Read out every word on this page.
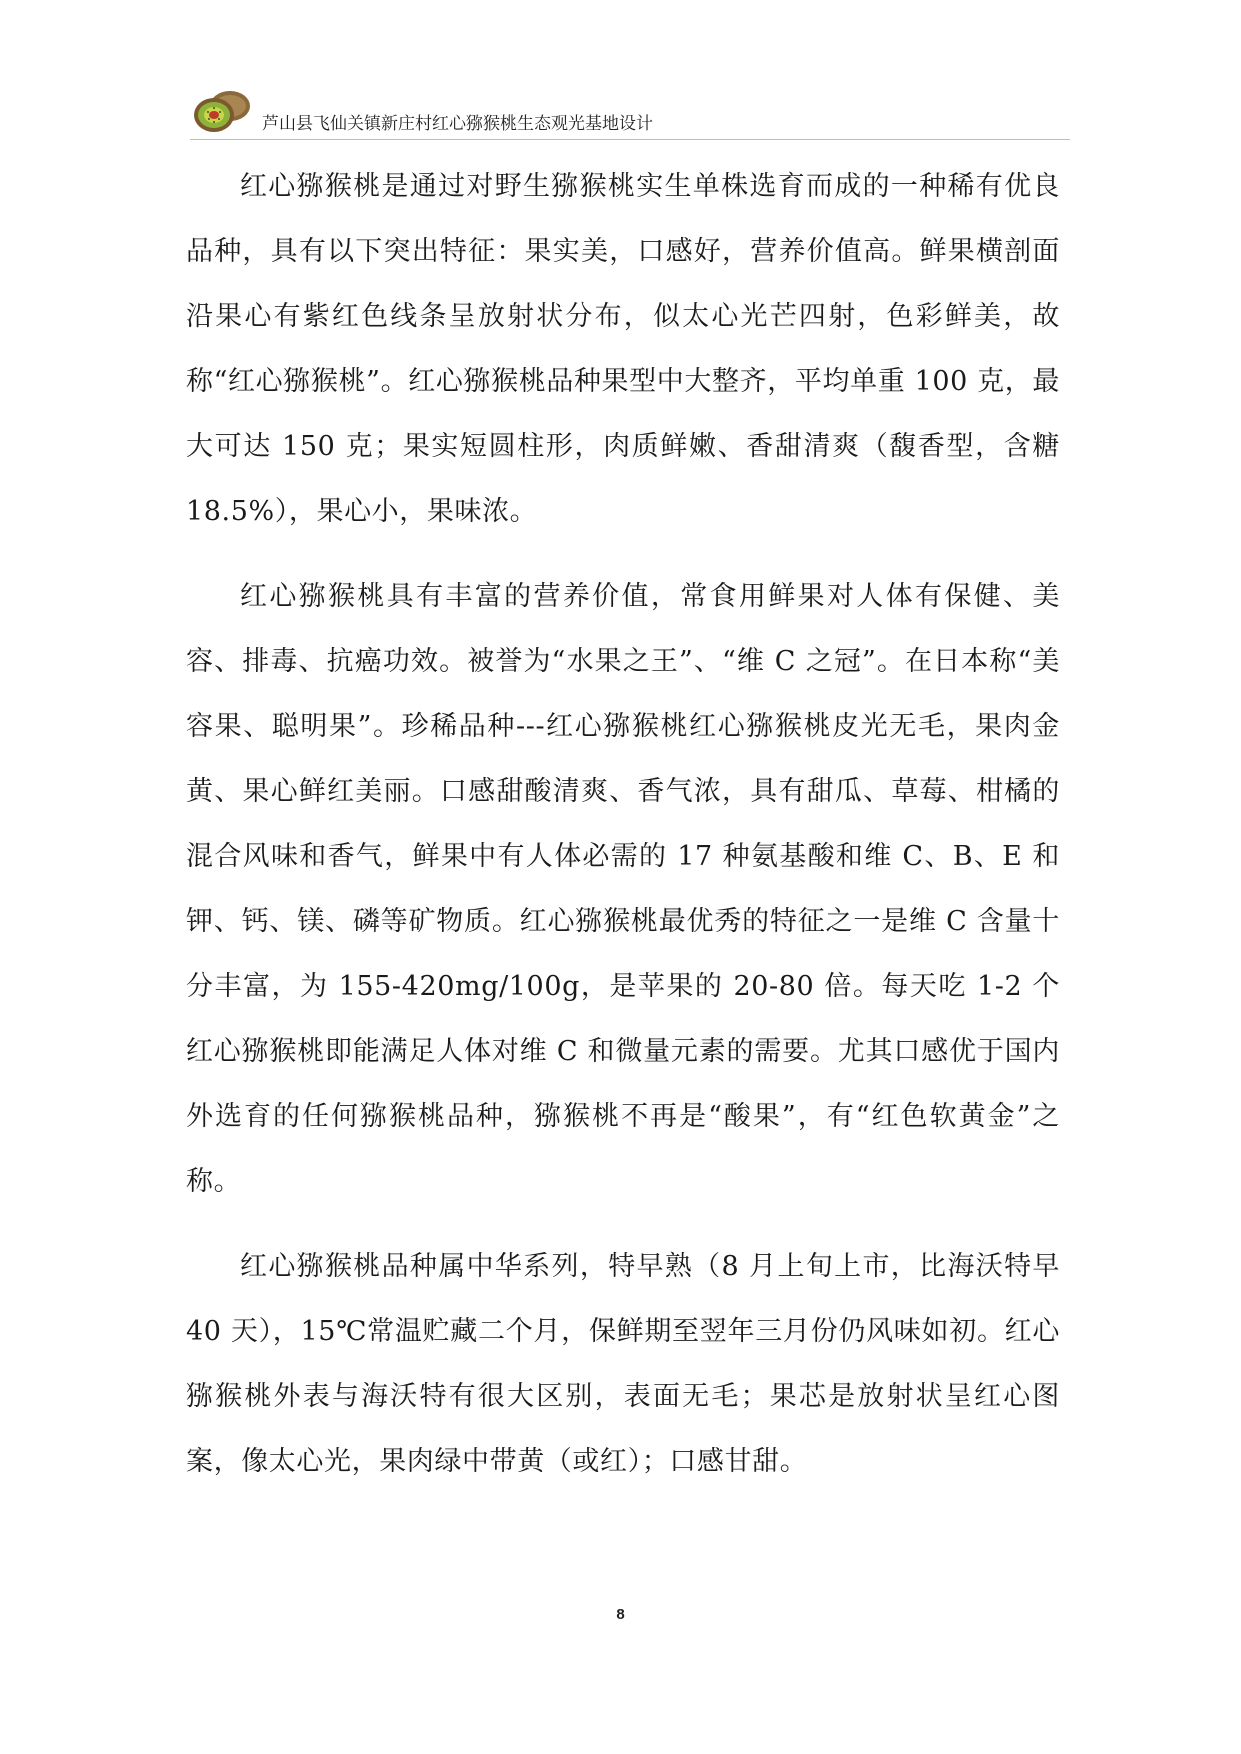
芦山县飞仙关镇新庄村红心猕猴桃生态观光基地设计

红心猕猴桃是通过对野生猕猴桃实生单株选育而成的一种稀有优良品种，具有以下突出特征：果实美，口感好，营养价值高。鲜果横剖面沿果心有紫红色线条呈放射状分布，似太心光芒四射，色彩鲜美，故称“红心猕猴桃”。红心猕猴桃品种果型中大整齐，平均单重 100 克，最大可达 150 克；果实短圆柱形，肉质鲜嫩、香甜清爽（馥香型，含糖 18.5%），果心小，果味浓。

红心猕猴桃具有丰富的营养价值，常食用鲜果对人体有保健、美容、排毒、抗癌功效。被誉为“水果之王”、“维 C 之冠”。在日本称“美容果、聪明果”。珍稀品种---红心猕猴桃红心猕猴桃皮光无毛，果肉金黄、果心鲜红美丽。口感甜酸清爽、香气浓，具有甜瓜、草莓、柑橘的混合风味和香气，鲜果中有人体必需的 17 种氨基酸和维 C、B、E 和钾、钙、镁、磷等矿物质。红心猕猴桃最优秀的特征之一是维 C 含量十分丰富，为 155-420mg/100g，是苹果的 20-80 倍。每天吃 1-2 个红心猕猴桃即能满足人体对维 C 和微量元素的需要。尤其口感优于国内外选育的任何猕猴桃品种，猕猴桃不再是“酸果”，有“红色软黄金”之称。

红心猕猴桃品种属中华系列，特早熟（8 月上旬上市，比海沃特早 40 天），15℃常温贮藏二个月，保鲜期至翌年三月份仍风味如初。红心猕猴桃外表与海沃特有很大区别，表面无毛；果芯是放射状呈红心图案，像太心光，果肉绿中带黄（或红）；口感甘甜。

8
